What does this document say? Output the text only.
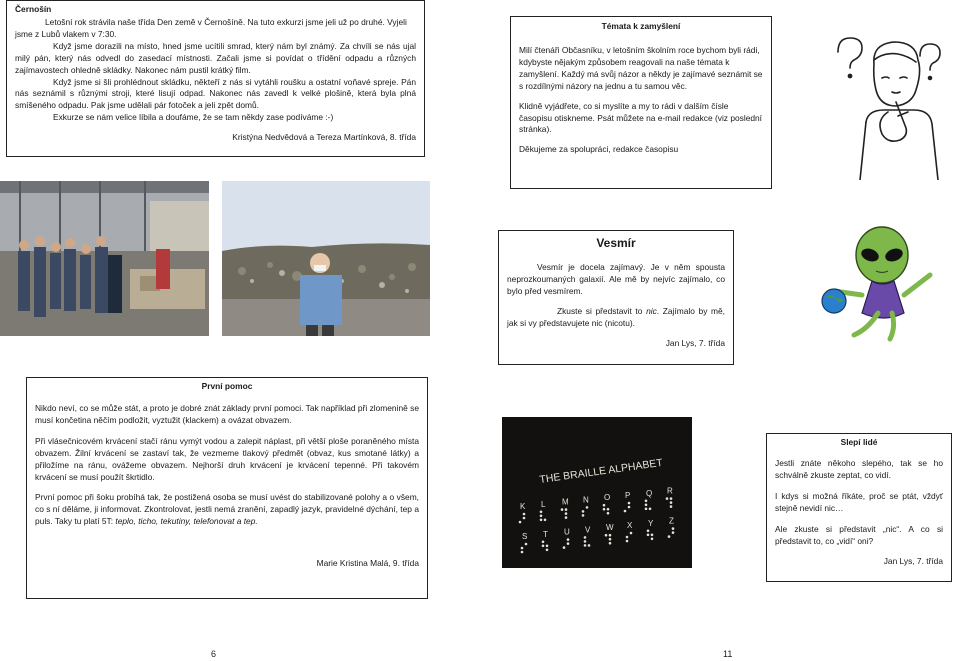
Černošín

Letošní rok strávila naše třída Den země v Černošíně. Na tuto exkurzi jsme jeli už po druhé. Vyjeli jsme z Lubů vlakem v 7:30.

Když jsme dorazili na místo, hned jsme ucítili smrad, který nám byl známý. Za chvíli se nás ujal milý pán, který nás odvedl do zasedací místnosti. Začali jsme si povídat o třídění odpadu a různých zajímavostech ohledně skládky. Nakonec nám pustil krátký film.

Když jsme si šli prohlédnout skládku, někteří z nás si vytáhli roušku a ostatní voňavé spreje. Pán nás seznámil s různými stroji, které lisují odpad. Nakonec nás zavedl k velké plošině, která byla plná smíšeného odpadu. Pak jsme udělali pár fotoček a jeli zpět domů.

Exkurze se nám velice líbila a doufáme, že se tam někdy zase podíváme :-)

Kristýna Nedvědová a Tereza Martínková, 8. třída

Témata k zamyšlení

Milí čtenáři Občasníku, v letošním školním roce bychom byli rádi, kdybyste nějakým způsobem reagovali na naše témata k zamyšlení. Každý má svůj názor a někdy je zajímavé seznámit se s rozdílnými názory na jednu a tu samou věc.

Klidně vyjádřete, co si myslíte a my to rádi v dalším čísle časopisu otiskneme. Psát můžete na e-mail redakce (viz poslední stránka).

Děkujeme za spolupráci, redakce časopisu

Vesmír

Vesmír je docela zajímavý. Je v něm spousta neprozkoumaných galaxií. Ale mě by nejvíc zajímalo, co bylo před vesmírem.

Zkuste si představit to nic. Zajímalo by mě, jak si vy představujete nic (nicotu).

Jan Lys, 7. třída

První pomoc

Nikdo neví, co se může stát, a proto je dobré znát základy první pomoci. Tak například při zlomenině se musí končetina něčím podložit, vyztužit (klackem) a ovázat obvazem.

Při vlásečnicovém krvácení stačí ránu vymýt vodou a zalepit náplast, při větší ploše poraněného místa obvazem. Žilní krvácení se zastaví tak, že vezmeme tlakový předmět (obvaz, kus smotané látky) a přiložíme na ránu, ovážeme obvazem. Nejhorší druh krvácení je krvácení tepenné. Při takovém krvácení se musí použít škrtidlo.

První pomoc při šoku probíhá tak, že postižená osoba se musí uvést do stabilizované polohy a o všem, co s ní děláme, ji informovat. Zkontrolovat, jestli nemá zranění, zapadlý jazyk, pravidelné dýchání, tep a puls. Taky tu platí 5T: teplo, ticho, tekutiny, telefonovat a tep.

Marie Kristina Malá, 9. třída

THE BRAILLE ALPHABET
K L M N O P Q R
S T U V W X Y Z

Slepí lidé

Jestli znáte někoho slepého, tak se ho schválně zkuste zeptat, co vidí.

I kdys si možná říkáte, proč se ptát, vždyť stejně nevidí nic…

Ale zkuste si představit „nic“. A co si představit to, co „vidí“ oni?

Jan Lys, 7. třída

6	11
